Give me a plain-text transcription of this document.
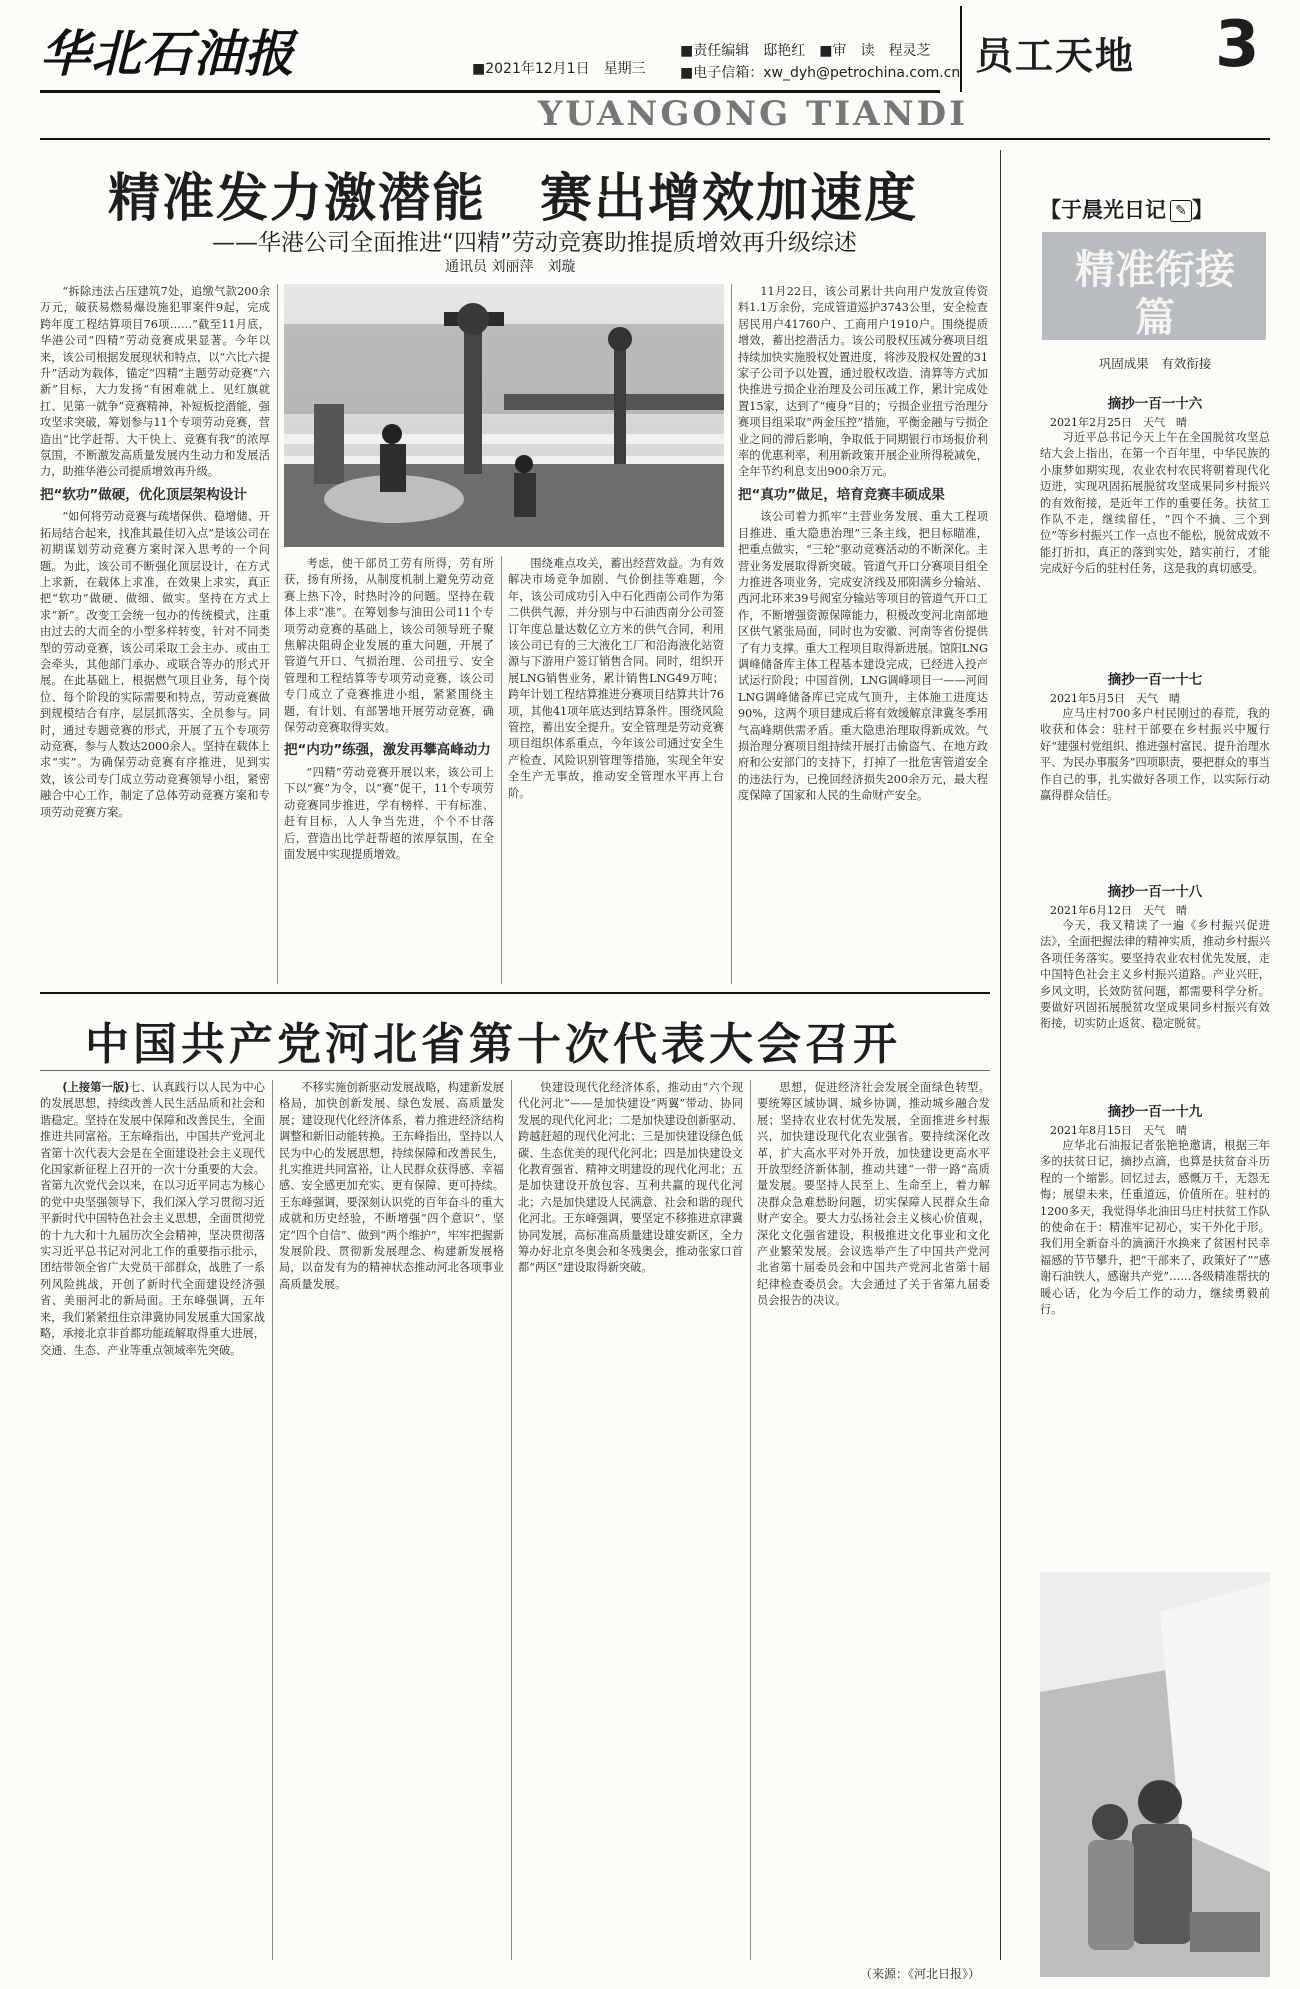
华北石油报	■2021年12月1日　星期三
■责任编辑　邸艳红　■审　读　程灵芝
■电子信箱：xw_dyh@petrochina.com.cn 员工天地 3
YUANGONG TIANDI
精准发力激潜能　赛出增效加速度
——华港公司全面推进“四精”劳动竞赛助推提质增效再升级综述
通讯员 刘丽萍　刘璇

“拆除违法占压建筑7处，追缴气款200余万元，破获易燃易爆设施犯罪案件9起，完成跨年度工程结算项目76项……”截至11月底，华港公司“四精”劳动竞赛成果显著。今年以来，该公司根据发展现状和特点，以“六比六提升”活动为载体，锚定“四精”主题劳动竞赛“六新”目标，大力发扬“有困难就上、见红旗就扛、见第一就争”竞赛精神，补短板挖潜能，强攻坚求突破，筹划参与11个专项劳动竞赛，营造出“比学赶帮、大干快上、竞赛有我”的浓厚氛围，不断激发高质量发展内生动力和发展活力，助推华港公司提质增效再升级。

把“软功”做硬，优化顶层架构设计

“如何将劳动竞赛与疏堵保供、稳增储、开拓局结合起来，找准其最佳切入点”是该公司在初期谋划劳动竞赛方案时深入思考的一个问题。为此，该公司不断强化顶层设计，在方式上求新，在载体上求准，在效果上求实，真正把“软功”做硬、做细、做实。坚持在方式上求“新”。改变工会统一包办的传统模式，注重由过去的大而全的小型多样转变，针对不同类型的劳动竞赛，该公司采取工会主办、或由工会牵头，其他部门承办、或联合等办的形式开展。在此基础上，根据燃气项目业务，每个岗位、每个阶段的实际需要和特点，劳动竞赛做到规模结合有序，层层抓落实、全员参与。同时，通过专题竞赛的形式，开展了五个专项劳动竞赛，参与人数达2000余人。坚持在载体上求“实”。为确保劳动竞赛有序推进，见到实效，该公司专门成立劳动竞赛领导小组，紧密融合中心工作，制定了总体劳动竞赛方案和专项劳动竞赛方案。

考虑，使干部员工劳有所得，劳有所获，扬有所扬，从制度机制上避免劳动竞赛上热下冷，时热时冷的问题。坚持在载体上求“准”。在筹划参与油田公司11个专项劳动竞赛的基础上，该公司领导班子聚焦解决阻碍企业发展的重大问题，开展了管道气开口、气损治理、公司扭亏、安全管理和工程结算等专项劳动竞赛，该公司专门成立了竞赛推进小组，紧紧围绕主题，有计划、有部署地开展劳动竞赛，确保劳动竞赛取得实效。

把“内功”练强，激发再攀高峰动力

“四精”劳动竞赛开展以来，该公司上下以“赛”为令，以“赛”促干，11个专项劳动竞赛同步推进，学有榜样、干有标准、赶有目标，人人争当先进，个个不甘落后，营造出比学赶帮超的浓厚氛围，在全面发展中实现提质增效。

围绕难点攻关，蓄出经营效益。为有效解决市场竞争加剧、气价倒挂等难题，今年，该公司成功引入中石化西南公司作为第二供供气源，并分别与中石油西南分公司签订年度总量达数亿立方米的供气合同，利用该公司已有的三大液化工厂和沿海液化站资源与下游用户签订销售合同。同时，组织开展LNG销售业务，累计销售LNG49万吨；跨年计划工程结算推进分赛项目结算共计76项，其他41项年底达到结算条件。围绕风险管控，蓄出安全提升。安全管理是劳动竞赛项目组织体系重点，今年该公司通过安全生产检查、风险识别管理等措施，实现全年安全生产无事故，推动安全管理水平再上台阶。

11月22日，该公司累计共向用户发放宣传资料1.1万余份，完成管道巡护3743公里，安全检查居民用户41760户、工商用户1910户。围绕提质增效，蓄出挖潜活力。该公司股权压减分赛项目组持续加快实施股权处置进度，将涉及股权处置的31家子公司予以处置，通过股权改造、清算等方式加快推进亏损企业治理及公司压减工作，累计完成处置15家，达到了“瘦身”目的；亏损企业扭亏治理分赛项目组采取“两金压控”措施，平衡金融与亏损企业之间的滞后影响，争取低于同期银行市场报价利率的优惠利率，利用新政策开展企业所得税减免，全年节约利息支出900余万元。

把“真功”做足，培育竞赛丰硕成果

该公司着力抓牢“主营业务发展、重大工程项目推进、重大隐患治理”三条主线，把目标瞄准，把重点做实，“三轮”驱动竞赛活动的不断深化。主营业务发展取得新突破。管道气开口分赛项目组全力推进各项业务，完成安济线及邢阳满乡分输站、西河北环来39号阀室分输站等项目的管道气开口工作，不断增强资源保障能力，积极改变河北南部地区供气紧张局面，同时也为安徽、河南等省份提供了有力支撑。重大工程项目取得新进展。馆阳LNG调峰储备库主体工程基本建设完成，已经进入投产试运行阶段；中国首例，LNG调峰项目一——河间LNG调峰储备库已完成气顶升，主体施工进度达90%，这两个项目建成后将有效缓解京津冀冬季用气高峰期供需矛盾。重大隐患治理取得新成效。气损治理分赛项目组持续开展打击偷盗气、在地方政府和公安部门的支持下，打掉了一批危害管道安全的违法行为，已挽回经济损失200余万元，最大程度保障了国家和人民的生命财产安全。

中国共产党河北省第十次代表大会召开

(上接第一版)七、认真践行以人民为中心的发展思想，持续改善人民生活品质和社会和谐稳定。坚持在发展中保障和改善民生，全面推进共同富裕。王东峰指出，中国共产党河北省第十次代表大会是在全面建设社会主义现代化国家新征程上召开的一次十分重要的大会。省第九次党代会以来，在以习近平同志为核心的党中央坚强领导下，我们深入学习贯彻习近平新时代中国特色社会主义思想，全面贯彻党的十九大和十九届历次全会精神，坚决贯彻落实习近平总书记对河北工作的重要指示批示，团结带领全省广大党员干部群众，战胜了一系列风险挑战，开创了新时代全面建设经济强省、美丽河北的新局面。王东峰强调，五年来，我们紧紧扭住京津冀协同发展重大国家战略，承接北京非首都功能疏解取得重大进展，交通、生态、产业等重点领域率先突破。

不移实施创新驱动发展战略，构建新发展格局，加快创新发展、绿色发展、高质量发展；建设现代化经济体系，着力推进经济结构调整和新旧动能转换。王东峰指出，坚持以人民为中心的发展思想，持续保障和改善民生，扎实推进共同富裕，让人民群众获得感、幸福感、安全感更加充实、更有保障、更可持续。王东峰强调，要深刻认识党的百年奋斗的重大成就和历史经验，不断增强“四个意识”、坚定“四个自信”、做到“两个维护”，牢牢把握新发展阶段、贯彻新发展理念、构建新发展格局，以奋发有为的精神状态推动河北各项事业高质量发展。

快建设现代化经济体系，推动由“六个现代化河北”——是加快建设“两翼”带动、协同发展的现代化河北；二是加快建设创新驱动、跨越赶超的现代化河北；三是加快建设绿色低碳、生态优美的现代化河北；四是加快建设文化教育强省、精神文明建设的现代化河北；五是加快建设开放包容、互利共赢的现代化河北；六是加快建设人民满意、社会和谐的现代化河北。王东峰强调，要坚定不移推进京津冀协同发展，高标准高质量建设雄安新区，全力筹办好北京冬奥会和冬残奥会，推动张家口首都“两区”建设取得新突破。

思想，促进经济社会发展全面绿色转型。要统筹区域协调、城乡协调，推动城乡融合发展；坚持农业农村优先发展，全面推进乡村振兴，加快建设现代化农业强省。要持续深化改革，扩大高水平对外开放，加快建设更高水平开放型经济新体制，推动共建“一带一路”高质量发展。要坚持人民至上、生命至上，着力解决群众急难愁盼问题，切实保障人民群众生命财产安全。要大力弘扬社会主义核心价值观，深化文化强省建设，积极推进文化事业和文化产业繁荣发展。会议选举产生了中国共产党河北省第十届委员会和中国共产党河北省第十届纪律检查委员会。大会通过了关于省第九届委员会报告的决议。

（来源：《河北日报》）
【于晨光日记 ✎ 】
精准衔接篇
巩固成果　有效衔接
摘抄一百一十六
2021年2月25日　天气　晴

习近平总书记今天上午在全国脱贫攻坚总结大会上指出，在第一个百年里，中华民族的小康梦如期实现，农业农村农民将朝着现代化迈进，实现巩固拓展脱贫攻坚成果同乡村振兴的有效衔接，是近年工作的重要任务。扶贫工作队不走，继续留任，“四个不摘、三个到位”等乡村振兴工作一点也不能松，脱贫成效不能打折扣，真正的落到实处，踏实前行，才能完成好今后的驻村任务，这是我的真切感受。

摘抄一百一十七
2021年5月5日　天气　晴

应马庄村700多户村民刚过的春荒，我的收获和体会：驻村干部要在乡村振兴中履行好“建强村党组织、推进强村富民、提升治理水平、为民办事服务”四项职责，要把群众的事当作自己的事，扎实做好各项工作，以实际行动赢得群众信任。

摘抄一百一十八
2021年6月12日　天气　晴

今天，我又精读了一遍《乡村振兴促进法》，全面把握法律的精神实质，推动乡村振兴各项任务落实。要坚持农业农村优先发展，走中国特色社会主义乡村振兴道路。产业兴旺，乡风文明，长效防贫问题，都需要科学分析。要做好巩固拓展脱贫攻坚成果同乡村振兴有效衔接，切实防止返贫、稳定脱贫。

摘抄一百一十九
2021年8月15日　天气　晴

应华北石油报记者张艳艳邀请，根据三年多的扶贫日记，摘抄点滴，也算是扶贫奋斗历程的一个缩影。回忆过去，感慨万千，无怨无悔；展望未来，任重道远，价值所在。驻村的1200多天，我觉得华北油田马庄村扶贫工作队的使命在于：精准牢记初心，实干外化于形。我们用全新奋斗的滴滴汗水换来了贫困村民幸福感的节节攀升，把“干部来了，政策好了”“感谢石油铁人，感谢共产党”……各级精准帮扶的暖心话，化为今后工作的动力，继续勇毅前行。
